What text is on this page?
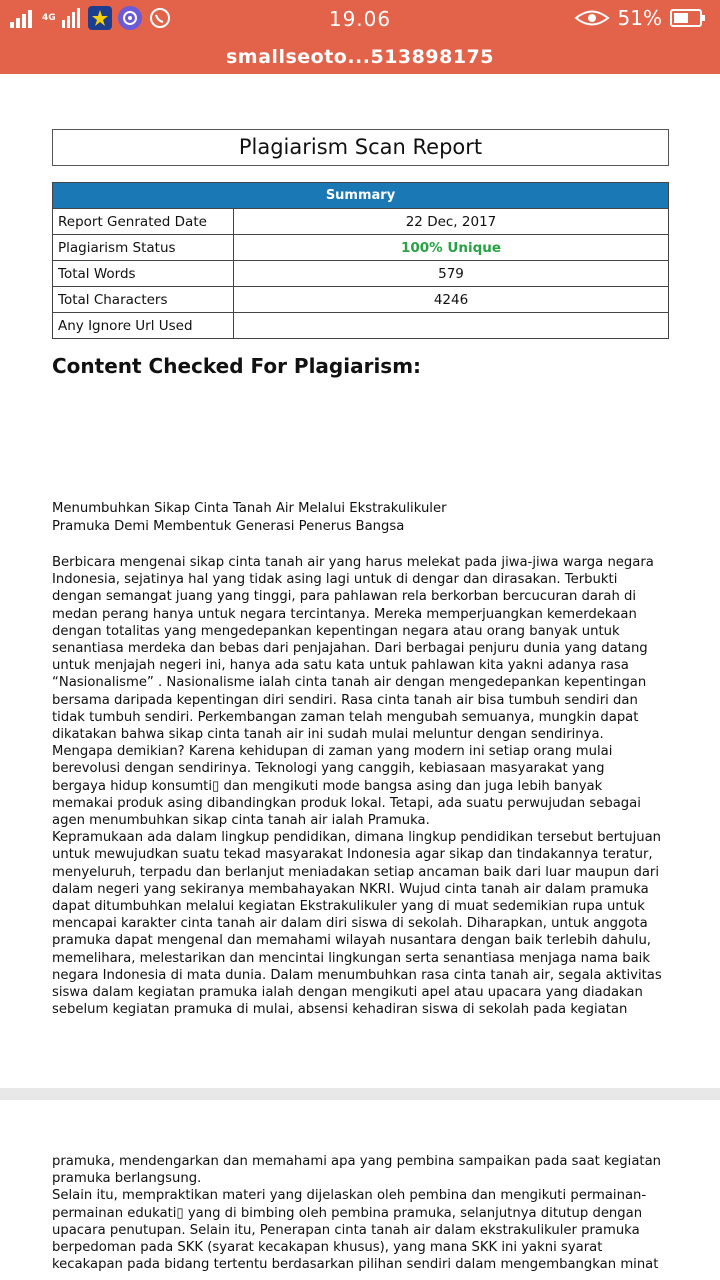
4G	19.06	51%
smallseoto...513898175
Plagiarism Scan Report
Summary	
Report Genrated Date	22 Dec, 2017
Plagiarism Status	100% Unique
Total Words	579
Total Characters	4246
Any Ignore Url Used	
Content Checked For Plagiarism:
Menumbuhkan Sikap Cinta Tanah Air Melalui Ekstrakulikuler
Pramuka Demi Membentuk Generasi Penerus Bangsa
Berbicara mengenai sikap cinta tanah air yang harus melekat pada jiwa-jiwa warga negara
Indonesia, sejatinya hal yang tidak asing lagi untuk di dengar dan dirasakan. Terbukti
dengan semangat juang yang tinggi, para pahlawan rela berkorban bercucuran darah di
medan perang hanya untuk negara tercintanya. Mereka memperjuangkan kemerdekaan
dengan totalitas yang mengedepankan kepentingan negara atau orang banyak untuk
senantiasa merdeka dan bebas dari penjajahan. Dari berbagai penjuru dunia yang datang
untuk menjajah negeri ini, hanya ada satu kata untuk pahlawan kita yakni adanya rasa
“Nasionalisme” . Nasionalisme ialah cinta tanah air dengan mengedepankan kepentingan
bersama daripada kepentingan diri sendiri. Rasa cinta tanah air bisa tumbuh sendiri dan
tidak tumbuh sendiri. Perkembangan zaman telah mengubah semuanya, mungkin dapat
dikatakan bahwa sikap cinta tanah air ini sudah mulai meluntur dengan sendirinya.
Mengapa demikian? Karena kehidupan di zaman yang modern ini setiap orang mulai
berevolusi dengan sendirinya. Teknologi yang canggih, kebiasaan masyarakat yang
bergaya hidup konsumti▯ dan mengikuti mode bangsa asing dan juga lebih banyak
memakai produk asing dibandingkan produk lokal. Tetapi, ada suatu perwujudan sebagai
agen menumbuhkan sikap cinta tanah air ialah Pramuka.
Kepramukaan ada dalam lingkup pendidikan, dimana lingkup pendidikan tersebut bertujuan
untuk mewujudkan suatu tekad masyarakat Indonesia agar sikap dan tindakannya teratur,
menyeluruh, terpadu dan berlanjut meniadakan setiap ancaman baik dari luar maupun dari
dalam negeri yang sekiranya membahayakan NKRI. Wujud cinta tanah air dalam pramuka
dapat ditumbuhkan melalui kegiatan Ekstrakulikuler yang di muat sedemikian rupa untuk
mencapai karakter cinta tanah air dalam diri siswa di sekolah. Diharapkan, untuk anggota
pramuka dapat mengenal dan memahami wilayah nusantara dengan baik terlebih dahulu,
memelihara, melestarikan dan mencintai lingkungan serta senantiasa menjaga nama baik
negara Indonesia di mata dunia. Dalam menumbuhkan rasa cinta tanah air, segala aktivitas
siswa dalam kegiatan pramuka ialah dengan mengikuti apel atau upacara yang diadakan
sebelum kegiatan pramuka di mulai, absensi kehadiran siswa di sekolah pada kegiatan
pramuka, mendengarkan dan memahami apa yang pembina sampaikan pada saat kegiatan
pramuka berlangsung.
Selain itu, mempraktikan materi yang dijelaskan oleh pembina dan mengikuti permainan-
permainan edukati▯ yang di bimbing oleh pembina pramuka, selanjutnya ditutup dengan
upacara penutupan. Selain itu, Penerapan cinta tanah air dalam ekstrakulikuler pramuka
berpedoman pada SKK (syarat kecakapan khusus), yang mana SKK ini yakni syarat
kecakapan pada bidang tertentu berdasarkan pilihan sendiri dalam mengembangkan minat
